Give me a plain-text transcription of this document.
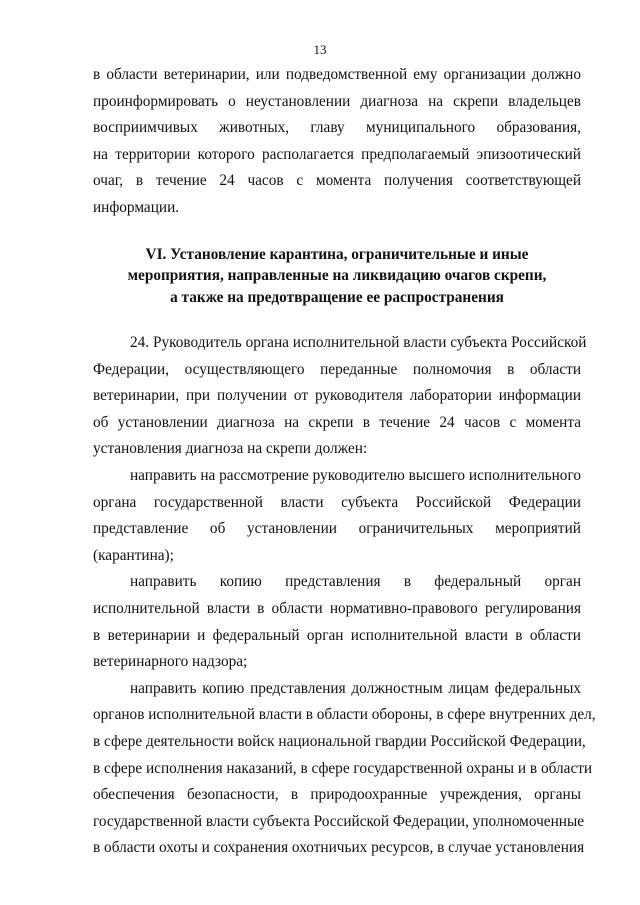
13
в области ветеринарии, или подведомственной ему организации должно
проинформировать о неустановлении диагноза на скрепи владельцев
восприимчивых животных, главу муниципального образования,
на территории которого располагается предполагаемый эпизоотический
очаг, в течение 24 часов с момента получения соответствующей
информации.
VI. Установление карантина, ограничительные и иные
мероприятия, направленные на ликвидацию очагов скрепи,
а также на предотвращение ее распространения
24. Руководитель органа исполнительной власти субъекта Российской
Федерации, осуществляющего переданные полномочия в области
ветеринарии, при получении от руководителя лаборатории информации
об установлении диагноза на скрепи в течение 24 часов с момента
установления диагноза на скрепи должен:
направить на рассмотрение руководителю высшего исполнительного
органа государственной власти субъекта Российской Федерации
представление об установлении ограничительных мероприятий
(карантина);
направить копию представления в федеральный орган
исполнительной власти в области нормативно-правового регулирования
в ветеринарии и федеральный орган исполнительной власти в области
ветеринарного надзора;
направить копию представления должностным лицам федеральных
органов исполнительной власти в области обороны, в сфере внутренних дел,
в сфере деятельности войск национальной гвардии Российской Федерации,
в сфере исполнения наказаний, в сфере государственной охраны и в области
обеспечения безопасности, в природоохранные учреждения, органы
государственной власти субъекта Российской Федерации, уполномоченные
в области охоты и сохранения охотничьих ресурсов, в случае установления
